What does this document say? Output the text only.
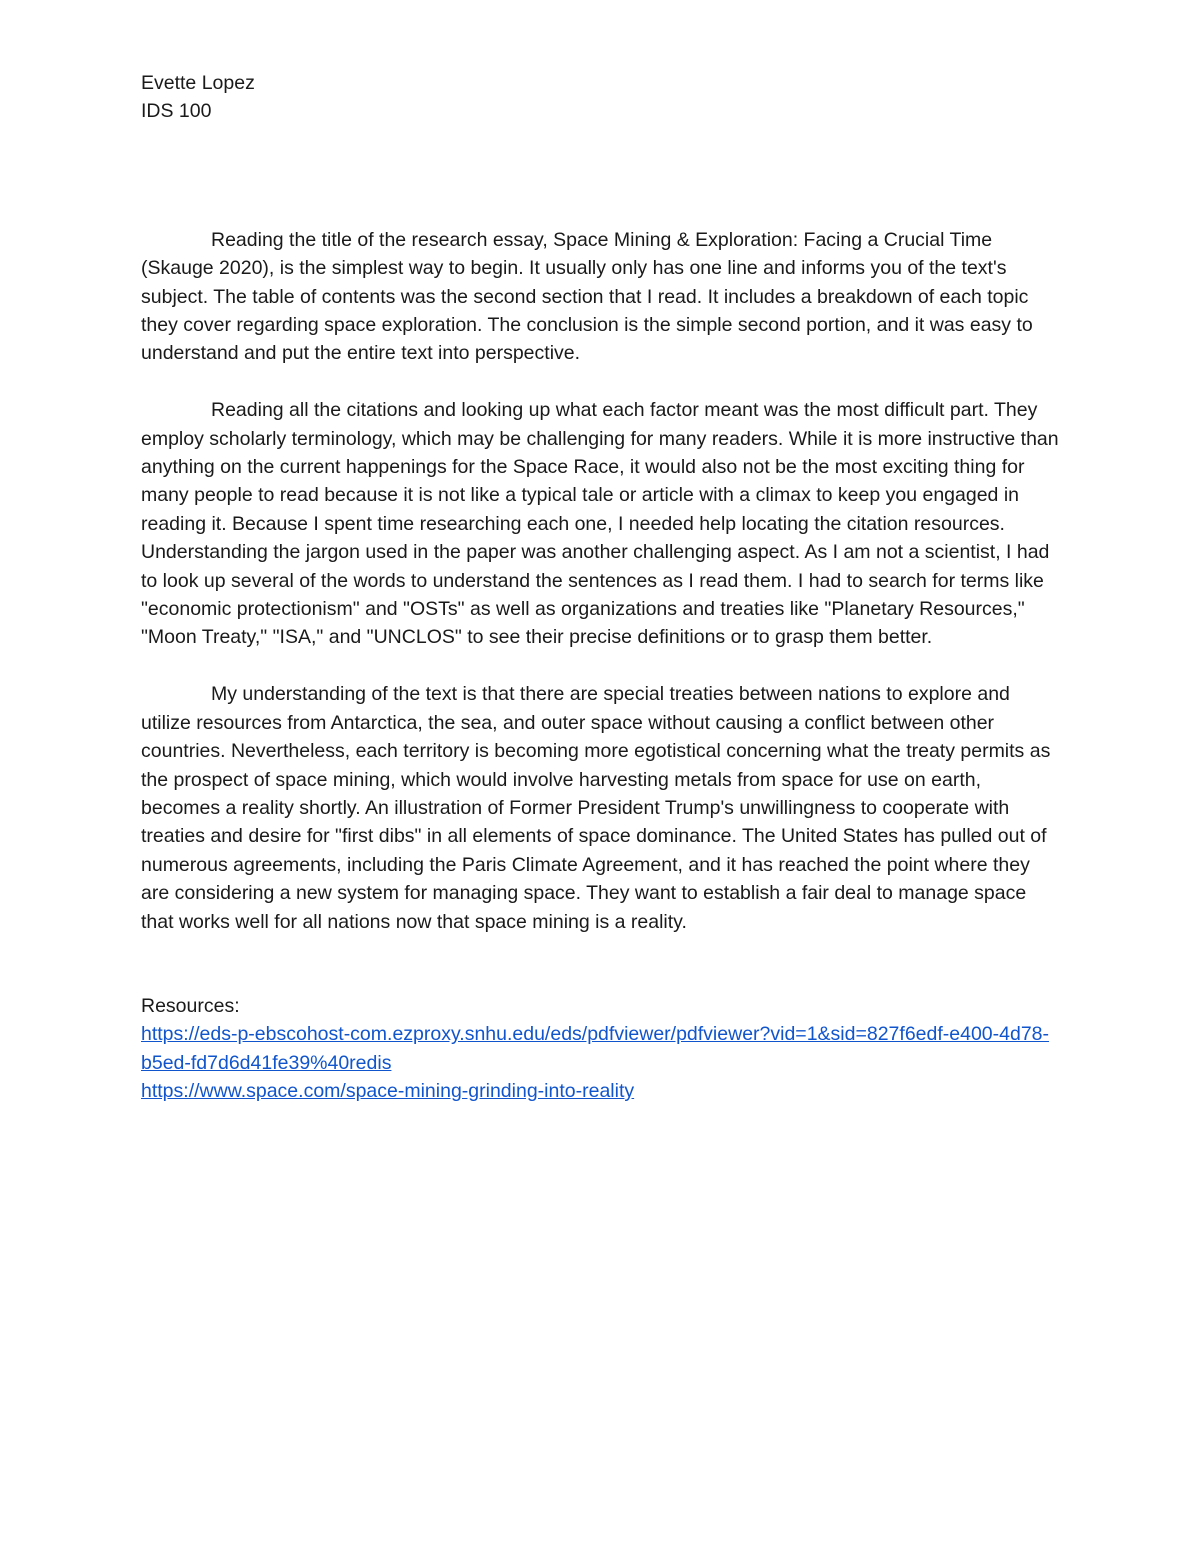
Evette Lopez

IDS 100

Reading the title of the research essay, Space Mining & Exploration: Facing a Crucial Time (Skauge 2020), is the simplest way to begin. It usually only has one line and informs you of the text's subject. The table of contents was the second section that I read. It includes a breakdown of each topic they cover regarding space exploration. The conclusion is the simple second portion, and it was easy to understand and put the entire text into perspective.

Reading all the citations and looking up what each factor meant was the most difficult part. They employ scholarly terminology, which may be challenging for many readers. While it is more instructive than anything on the current happenings for the Space Race, it would also not be the most exciting thing for many people to read because it is not like a typical tale or article with a climax to keep you engaged in reading it. Because I spent time researching each one, I needed help locating the citation resources. Understanding the jargon used in the paper was another challenging aspect. As I am not a scientist, I had to look up several of the words to understand the sentences as I read them. I had to search for terms like "economic protectionism" and "OSTs" as well as organizations and treaties like "Planetary Resources," "Moon Treaty," "ISA," and "UNCLOS" to see their precise definitions or to grasp them better.

My understanding of the text is that there are special treaties between nations to explore and utilize resources from Antarctica, the sea, and outer space without causing a conflict between other countries. Nevertheless, each territory is becoming more egotistical concerning what the treaty permits as the prospect of space mining, which would involve harvesting metals from space for use on earth, becomes a reality shortly. An illustration of Former President Trump's unwillingness to cooperate with treaties and desire for "first dibs" in all elements of space dominance. The United States has pulled out of numerous agreements, including the Paris Climate Agreement, and it has reached the point where they are considering a new system for managing space. They want to establish a fair deal to manage space that works well for all nations now that space mining is a reality.

Resources:

https://eds-p-ebscohost-com.ezproxy.snhu.edu/eds/pdfviewer/pdfviewer?vid=1&sid=827f6edf-e400-4d78-b5ed-fd7d6d41fe39%40redis
https://www.space.com/space-mining-grinding-into-reality
